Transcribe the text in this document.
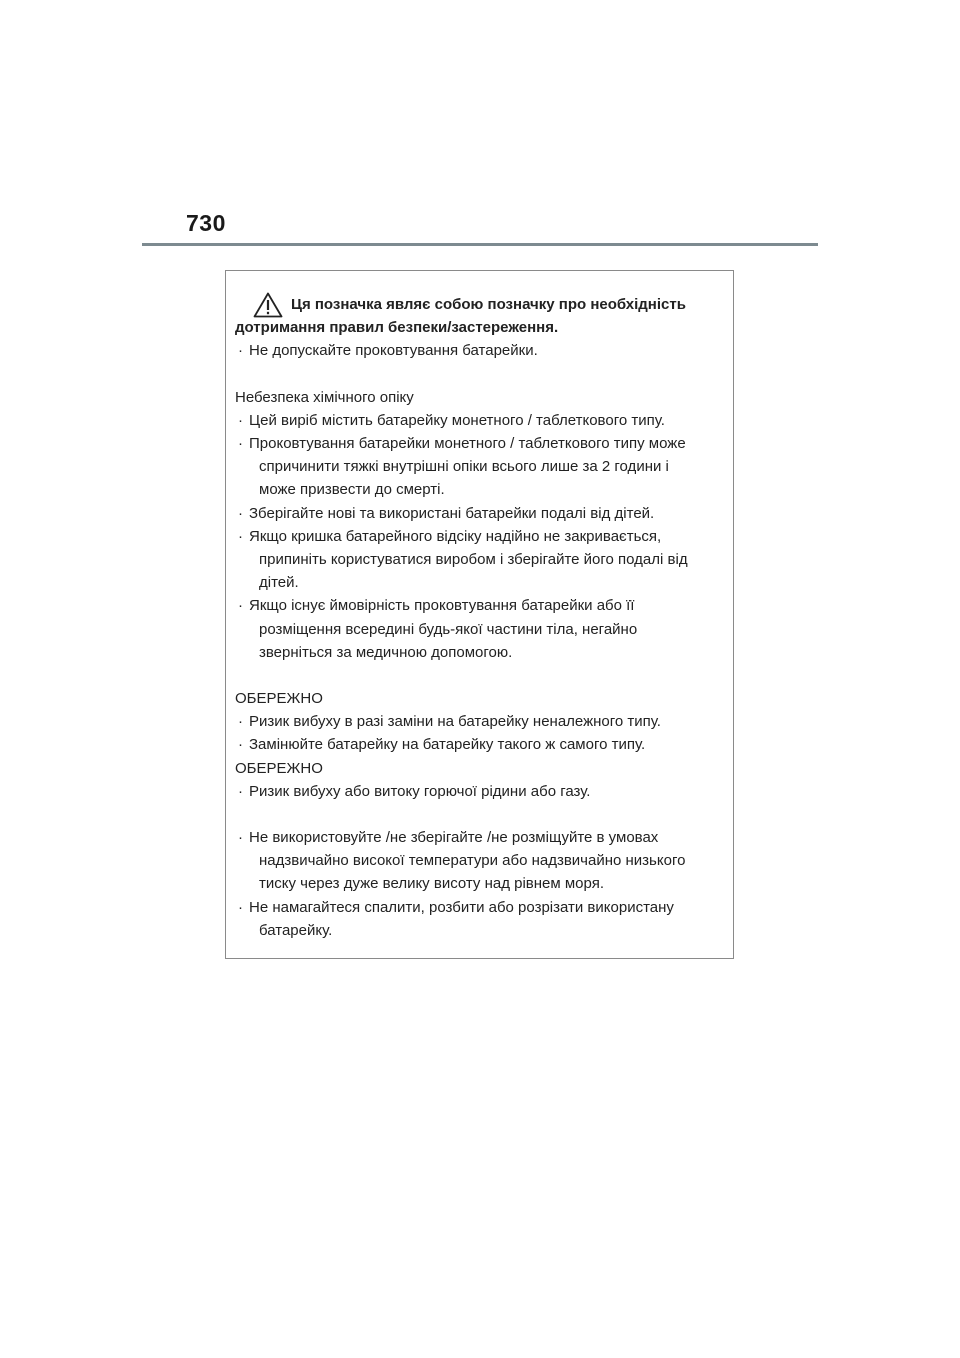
730
Ця позначка являє собою позначку про необхідність
дотримання правил безпеки/застереження.
· Не допускайте проковтування батарейки.
Небезпека хімічного опіку
· Цей виріб містить батарейку монетного / таблеткового типу.
· Проковтування батарейки монетного / таблеткового типу може
спричинити тяжкі внутрішні опіки всього лише за 2 години і
може призвести до смерті.
· Зберігайте нові та використані батарейки подалі від дітей.
· Якщо кришка батарейного відсіку надійно не закривається,
припиніть користуватися виробом і зберігайте його подалі від
дітей.
· Якщо існує ймовірність проковтування батарейки або її
розміщення всередині будь-якої частини тіла, негайно
зверніться за медичною допомогою.
ОБЕРЕЖНО
· Ризик вибуху в разі заміни на батарейку неналежного типу.
· Замінюйте батарейку на батарейку такого ж самого типу.
ОБЕРЕЖНО
· Ризик вибуху або витоку горючої рідини або газу.
· Не використовуйте /не зберігайте /не розміщуйте в умовах
надзвичайно високої температури або надзвичайно низького
тиску через дуже велику висоту над рівнем моря.
· Не намагайтеся спалити, розбити або розрізати використану
батарейку.
